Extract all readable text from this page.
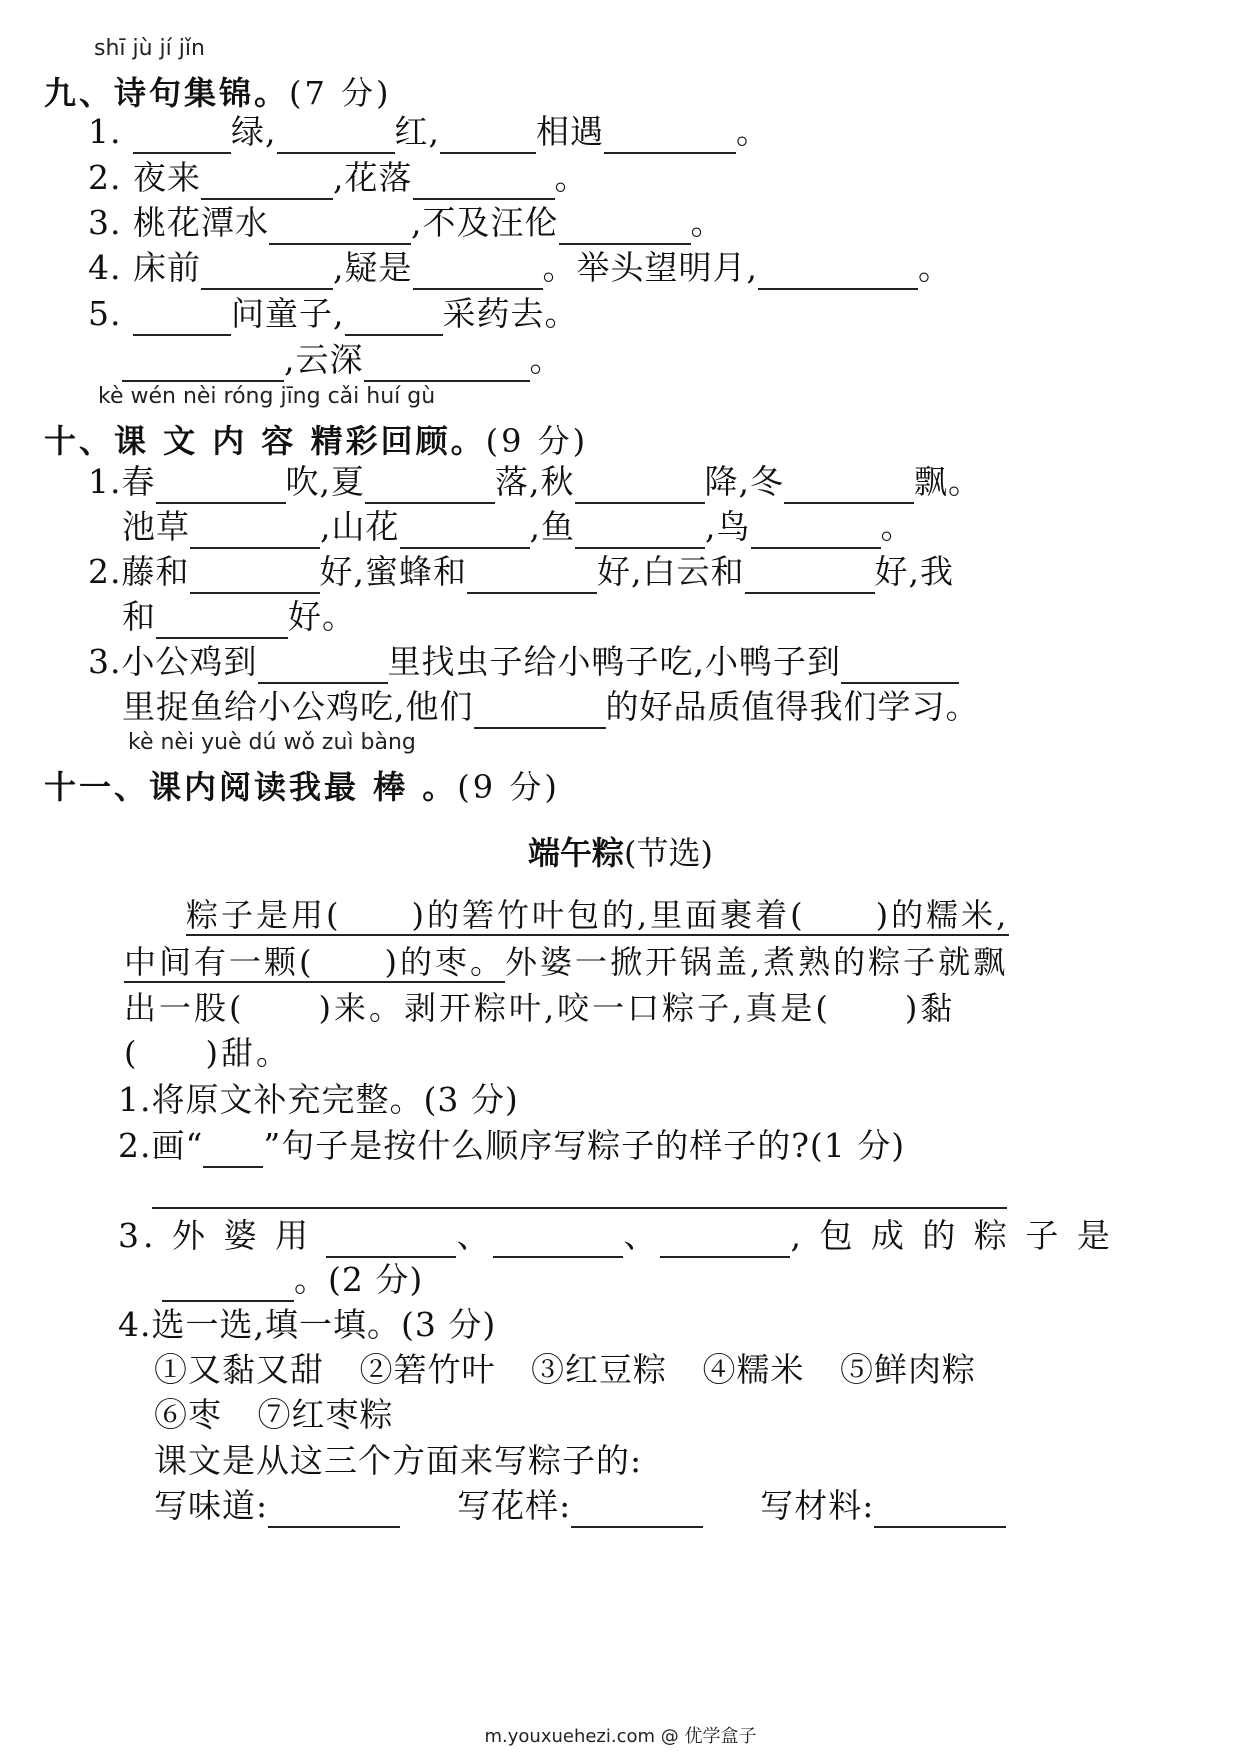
shī jù jí jǐn
九、诗句集锦。(7 分)
1.	绿,	红,	相遇	。
2. 夜来	,花落	。
3. 桃花潭水	,不及汪伦	。
4. 床前	,疑是	。举头望明月,	。
5.	问童子,	采药去。
,云深	。
kè wén nèi róng jīng cǎi huí gù
十、课 文 内 容 精彩回顾。(9 分)
1.春	吹,夏	落,秋	降,冬	飘。
池草	,山花	,鱼	,鸟	。
2.藤和	好,蜜蜂和	好,白云和	好,我
和	好。
3.小公鸡到	里找虫子给小鸭子吃,小鸭子到
里捉鱼给小公鸡吃,他们	的好品质值得我们学习。
kè nèi yuè dú wǒ zuì bàng
十一、课内阅读我最 棒 。(9 分)
端午粽(节选)
粽子是用( )的箬竹叶包的,里面裹着( )的糯米,
中间有一颗( )的枣。外婆一掀开锅盖,煮熟的粽子就飘
出一股( )来。剥开粽叶,咬一口粽子,真是( )黏
( )甜。
1.将原文补充完整。(3 分)
2.画“ ”句子是按什么顺序写粽子的样子的?(1 分)
3. 外 婆 用	、	、	, 包 成 的 粽 子 是
。(2 分)
4.选一选,填一填。(3 分)
①又黏又甜 ②箬竹叶 ③红豆粽 ④糯米 ⑤鲜肉粽
⑥枣 ⑦红枣粽
课文是从这三个方面来写粽子的:
写味道:	写花样:	写材料:
m.youxuehezi.com @ 优学盒子
